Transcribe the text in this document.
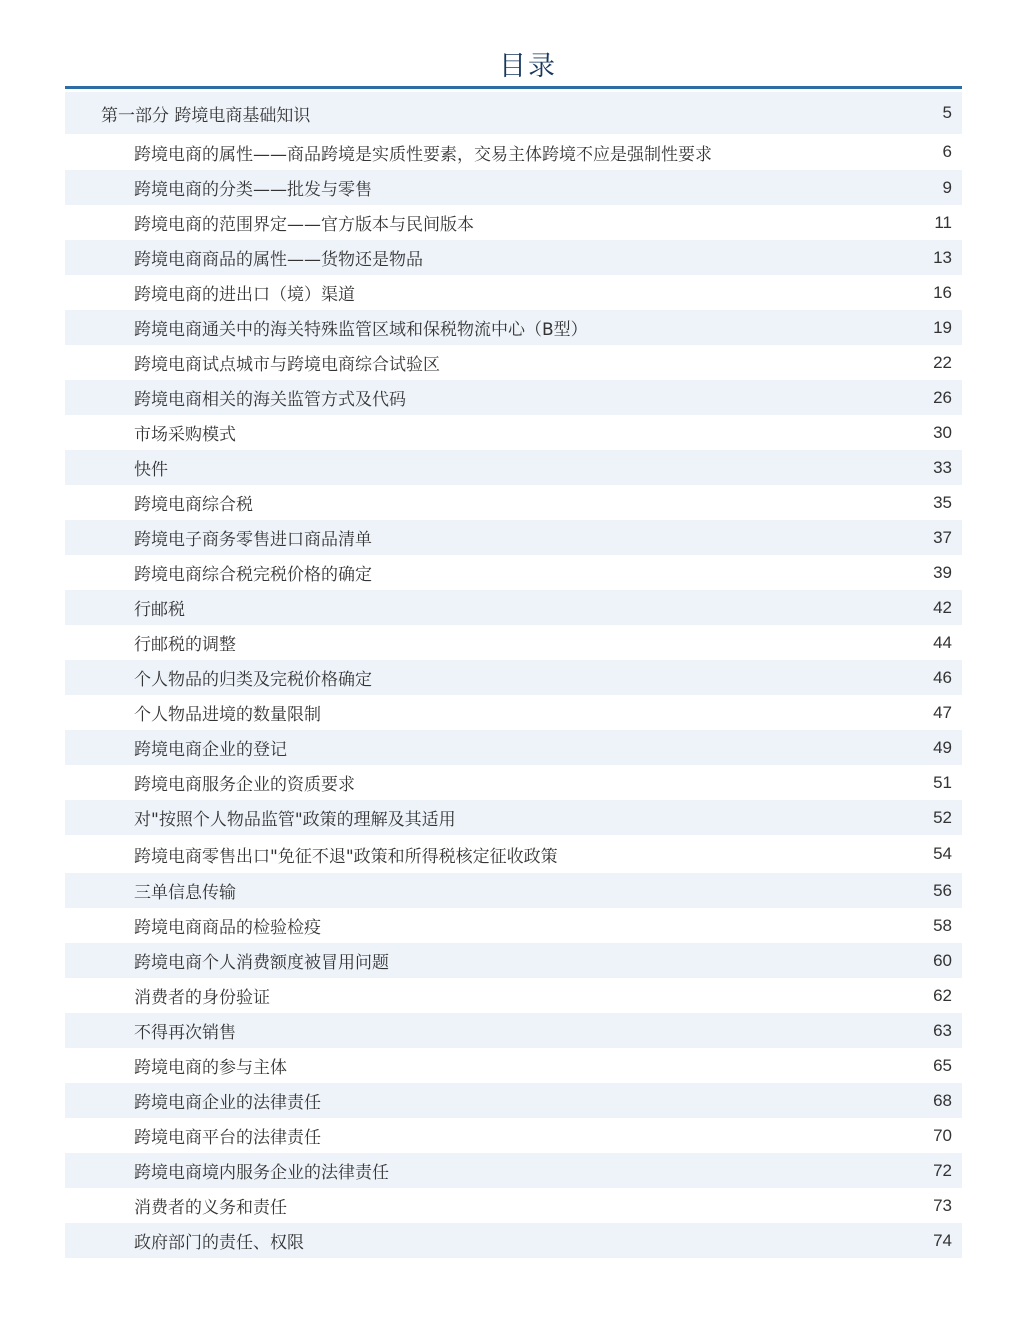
目录
第一部分 跨境电商基础知识	5
跨境电商的属性——商品跨境是实质性要素，交易主体跨境不应是强制性要求	6
跨境电商的分类——批发与零售	9
跨境电商的范围界定——官方版本与民间版本	11
跨境电商商品的属性——货物还是物品	13
跨境电商的进出口（境）渠道	16
跨境电商通关中的海关特殊监管区域和保税物流中心（B型）	19
跨境电商试点城市与跨境电商综合试验区	22
跨境电商相关的海关监管方式及代码	26
市场采购模式	30
快件	33
跨境电商综合税	35
跨境电子商务零售进口商品清单	37
跨境电商综合税完税价格的确定	39
行邮税	42
行邮税的调整	44
个人物品的归类及完税价格确定	46
个人物品进境的数量限制	47
跨境电商企业的登记	49
跨境电商服务企业的资质要求	51
对"按照个人物品监管"政策的理解及其适用	52
跨境电商零售出口"免征不退"政策和所得税核定征收政策	54
三单信息传输	56
跨境电商商品的检验检疫	58
跨境电商个人消费额度被冒用问题	60
消费者的身份验证	62
不得再次销售	63
跨境电商的参与主体	65
跨境电商企业的法律责任	68
跨境电商平台的法律责任	70
跨境电商境内服务企业的法律责任	72
消费者的义务和责任	73
政府部门的责任、权限	74
